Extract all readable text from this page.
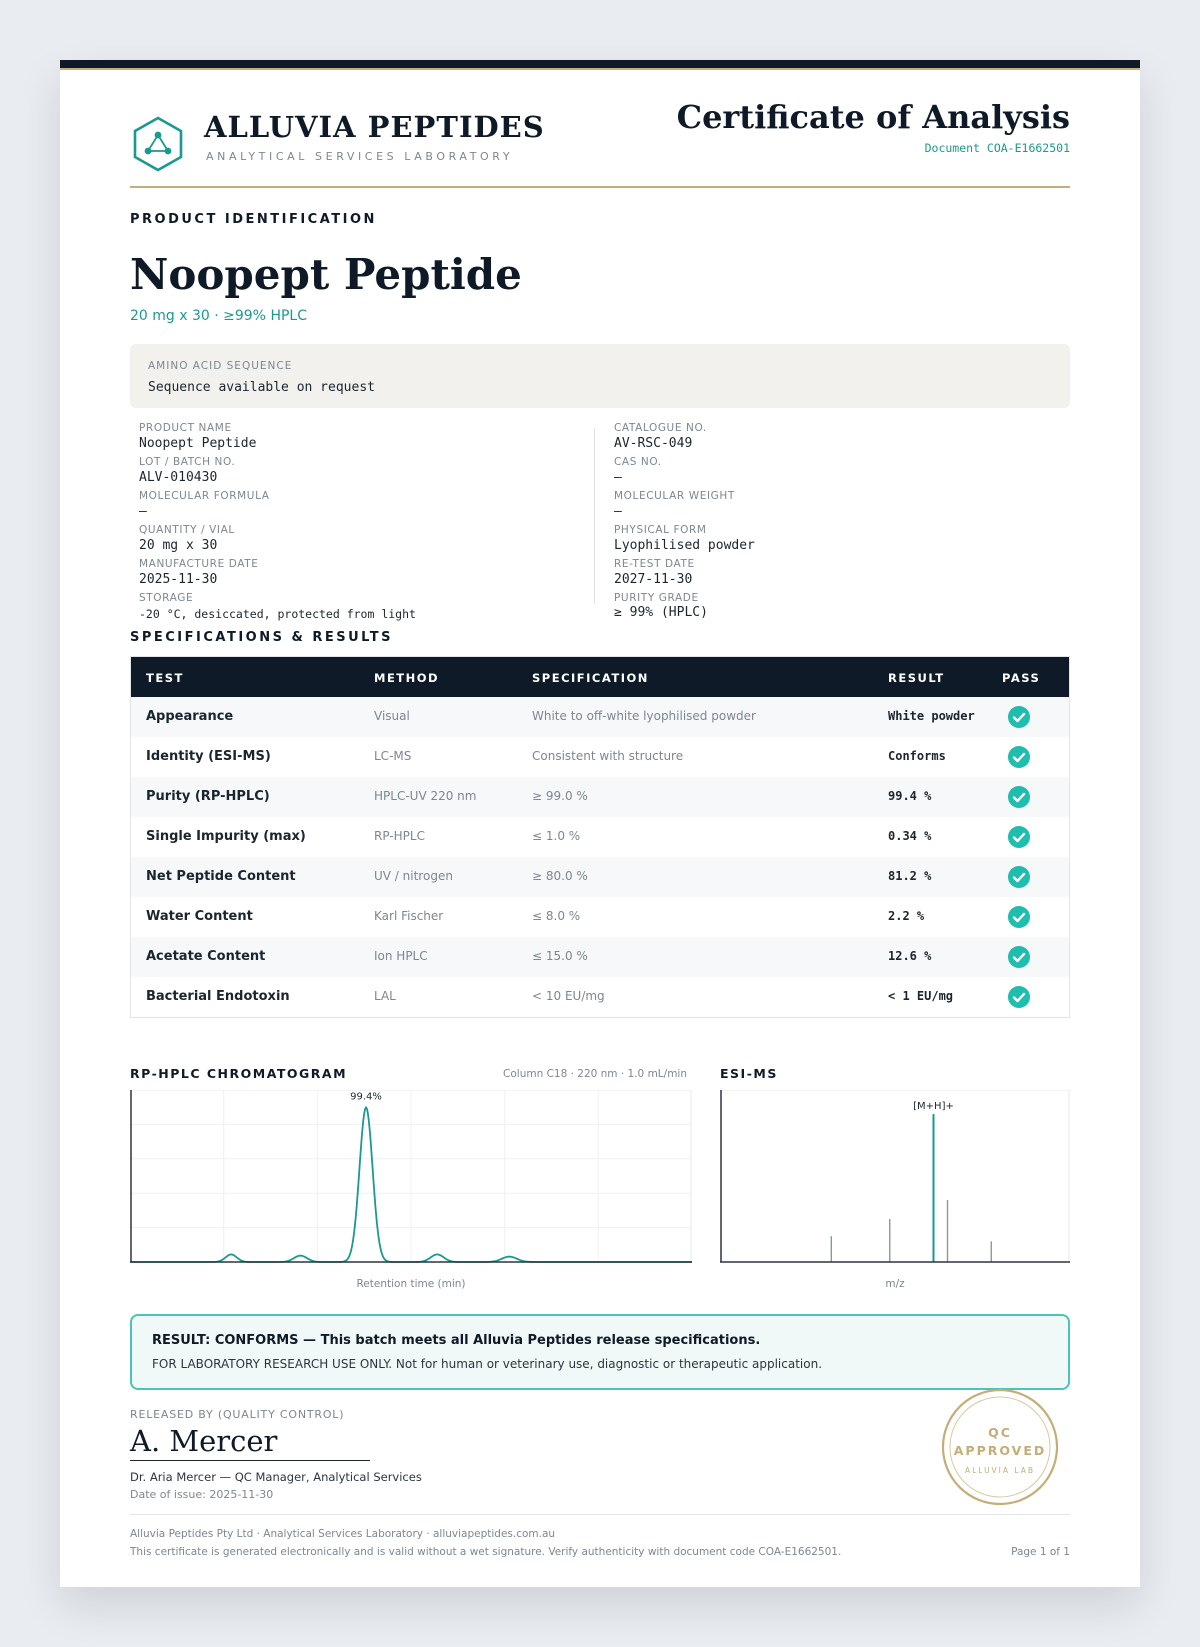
ALLUVIA PEPTIDES
ANALYTICAL SERVICES LABORATORY
Certificate of Analysis
Document COA-E1662501
PRODUCT IDENTIFICATION
Noopept Peptide
20 mg x 30 · ≥99% HPLC
AMINO ACID SEQUENCE
Sequence available on request
PRODUCT NAME
Noopept Peptide
LOT / BATCH NO.
ALV-010430
MOLECULAR FORMULA
—
QUANTITY / VIAL
20 mg x 30
MANUFACTURE DATE
2025-11-30
STORAGE
-20 °C, desiccated, protected from light
CATALOGUE NO.
AV-RSC-049
CAS NO.
—
MOLECULAR WEIGHT
—
PHYSICAL FORM
Lyophilised powder
RE-TEST DATE
2027-11-30
PURITY GRADE
≥ 99% (HPLC)
SPECIFICATIONS & RESULTS
TEST	METHOD	SPECIFICATION	RESULT	PASS
Appearance	Visual	White to off-white lyophilised powder	White powder
Identity (ESI-MS)	LC-MS	Consistent with structure	Conforms
Purity (RP-HPLC)	HPLC-UV 220 nm	≥ 99.0 %	99.4 %
Single Impurity (max)	RP-HPLC	≤ 1.0 %	0.34 %
Net Peptide Content	UV / nitrogen	≥ 80.0 %	81.2 %
Water Content	Karl Fischer	≤ 8.0 %	2.2 %
Acetate Content	Ion HPLC	≤ 15.0 %	12.6 %
Bacterial Endotoxin	LAL	< 10 EU/mg	< 1 EU/mg
RP-HPLC CHROMATOGRAM	Column C18 · 220 nm · 1.0 mL/min
99.4%
Retention time (min)
ESI-MS
[M+H]+
m/z
RESULT: CONFORMS — This batch meets all Alluvia Peptides release specifications.
FOR LABORATORY RESEARCH USE ONLY. Not for human or veterinary use, diagnostic or therapeutic application.
RELEASED BY (QUALITY CONTROL)
A. Mercer
Dr. Aria Mercer — QC Manager, Analytical Services
Date of issue: 2025-11-30
QC
APPROVED
ALLUVIA LAB
Alluvia Peptides Pty Ltd · Analytical Services Laboratory · alluviapeptides.com.au
This certificate is generated electronically and is valid without a wet signature. Verify authenticity with document code COA-E1662501.	Page 1 of 1
